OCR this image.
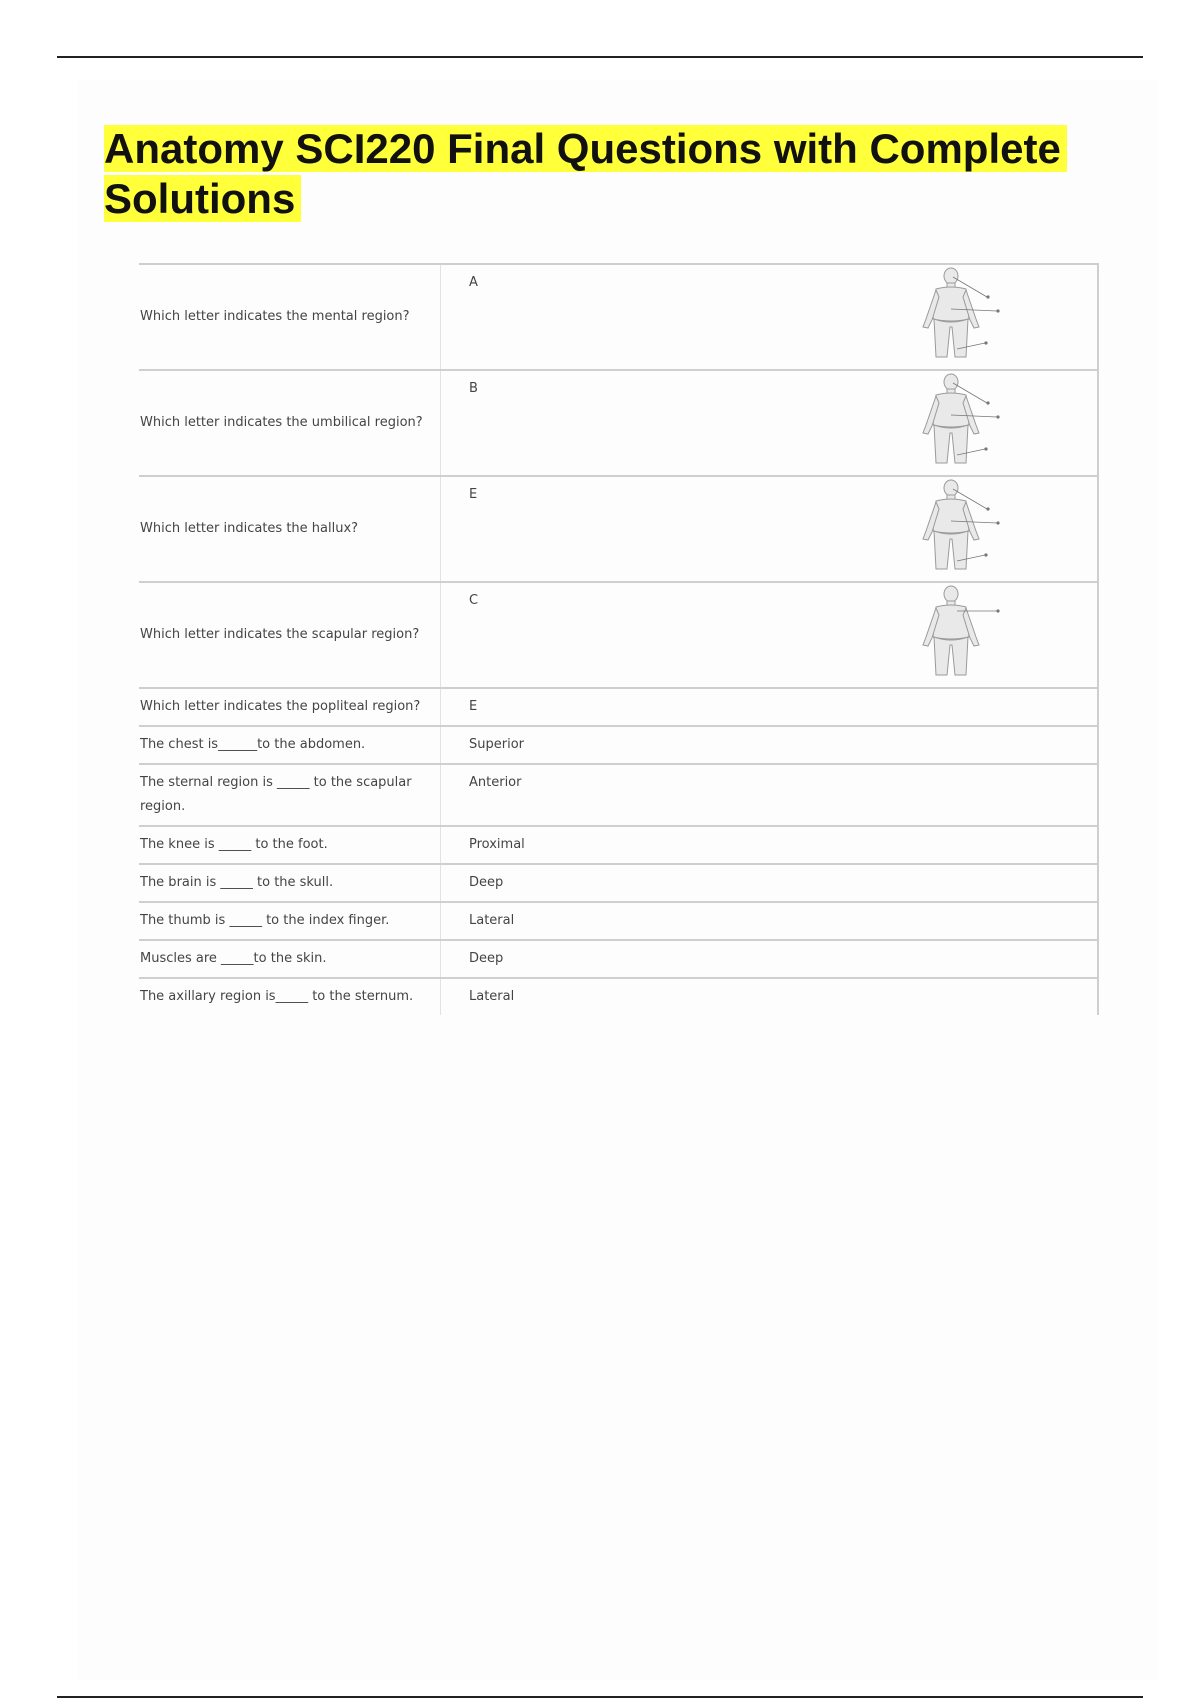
Anatomy SCI220 Final Questions with Complete Solutions
Which letter indicates the mental region?	A

Which letter indicates the umbilical region?	B

Which letter indicates the hallux?	E

Which letter indicates the scapular region?	C

Which letter indicates the popliteal region?	E
The chest is______to the abdomen.	Superior
The sternal region is _____ to the scapular region.	Anterior
The knee is _____ to the foot.	Proximal
The brain is _____ to the skull.	Deep
The thumb is _____ to the index finger.	Lateral
Muscles are _____to the skin.	Deep
The axillary region is_____ to the sternum.	Lateral
